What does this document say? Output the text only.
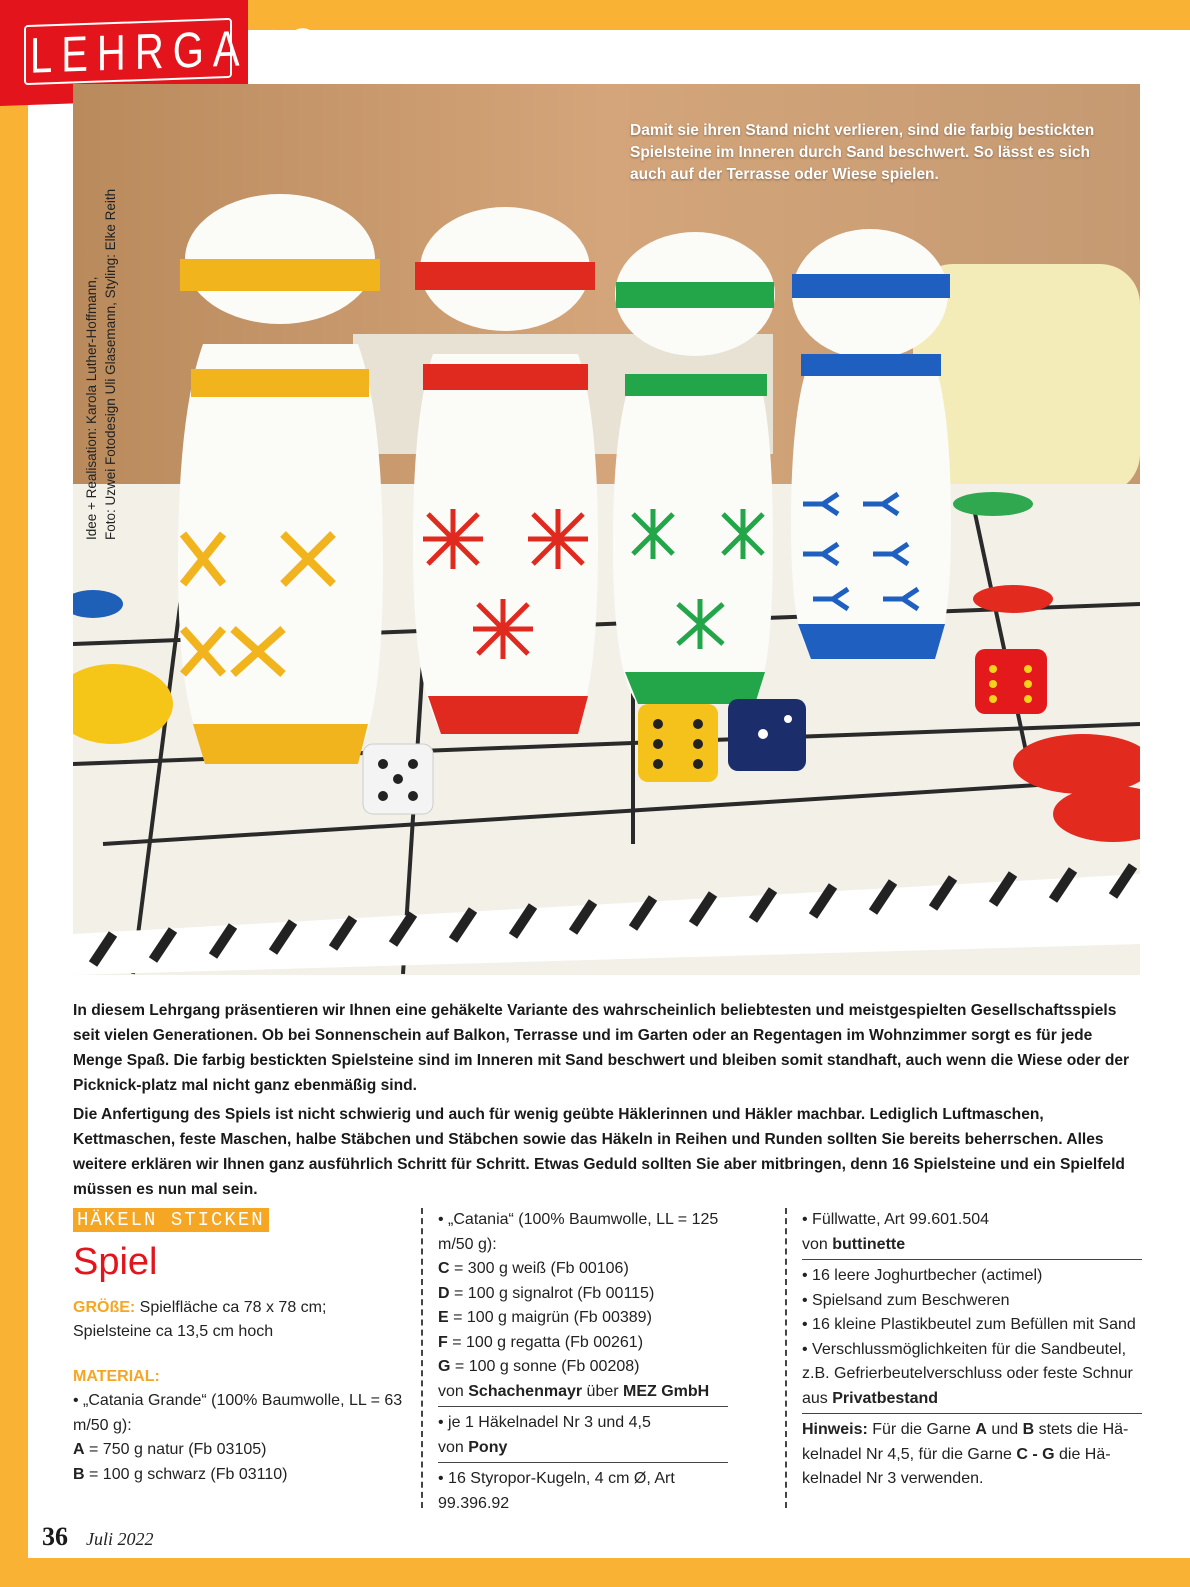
LEHRGANG
Damit sie ihren Stand nicht verlieren, sind die farbig bestickten Spielsteine im Inneren durch Sand beschwert. So lässt es sich auch auf der Terrasse oder Wiese spielen.
Idee + Realisation: Karola Luther-Hoffmann, Foto: Uzwei Fotodesign Uli Glasemann, Styling: Elke Reith

In diesem Lehrgang präsentieren wir Ihnen eine gehäkelte Variante des wahrscheinlich beliebtesten und meistgespielten Gesellschaftsspiels seit vielen Generationen. Ob bei Sonnenschein auf Balkon, Terrasse und im Garten oder an Regentagen im Wohnzimmer sorgt es für jede Menge Spaß. Die farbig bestickten Spielsteine sind im Inneren mit Sand beschwert und bleiben somit standhaft, auch wenn die Wiese oder der Picknick-platz mal nicht ganz ebenmäßig sind.

Die Anfertigung des Spiels ist nicht schwierig und auch für wenig geübte Häklerinnen und Häkler machbar. Lediglich Luftmaschen, Kettmaschen, feste Maschen, halbe Stäbchen und Stäbchen sowie das Häkeln in Reihen und Runden sollten Sie bereits beherrschen. Alles weitere erklären wir Ihnen ganz ausführlich Schritt für Schritt. Etwas Geduld sollten Sie aber mitbringen, denn 16 Spielsteine und ein Spielfeld müssen es nun mal sein.

HÄKELN STICKEN
Spiel
GRÖßE: Spielfläche ca 78 x 78 cm; Spielsteine ca 13,5 cm hoch
MATERIAL:
• „Catania Grande“ (100% Baumwolle, LL = 63 m/50 g):
A = 750 g natur (Fb 03105)
B = 100 g schwarz (Fb 03110)
• „Catania“ (100% Baumwolle, LL = 125 m/50 g):
C = 300 g weiß (Fb 00106)
D = 100 g signalrot (Fb 00115)
E = 100 g maigrün (Fb 00389)
F = 100 g regatta (Fb 00261)
G = 100 g sonne (Fb 00208)
von Schachenmayr über MEZ GmbH
• je 1 Häkelnadel Nr 3 und 4,5
von Pony
• 16 Styropor-Kugeln, 4 cm Ø, Art 99.396.92
• Füllwatte, Art 99.601.504
von buttinette
• 16 leere Joghurtbecher (actimel)
• Spielsand zum Beschweren
• 16 kleine Plastikbeutel zum Befüllen mit Sand
• Verschlussmöglichkeiten für die Sandbeutel, z.B. Gefrierbeutelverschluss oder feste Schnur
aus Privatbestand
Hinweis: Für die Garne A und B stets die Hä-kelnadel Nr 4,5, für die Garne C - G die Hä-kelnadel Nr 3 verwenden.
36 Juli 2022
